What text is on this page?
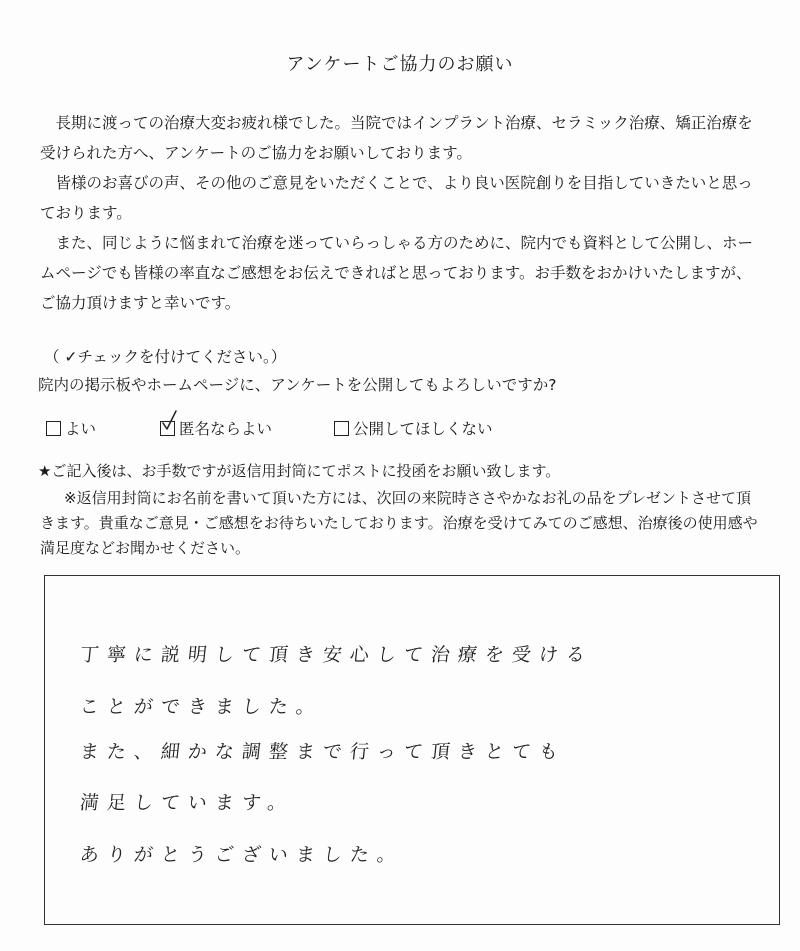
アンケートご協力のお願い

長期に渡っての治療大変お疲れ様でした。当院ではインプラント治療、セラミック治療、矯正治療を受けられた方へ、アンケートのご協力をお願いしております。

皆様のお喜びの声、その他のご意見をいただくことで、より良い医院創りを目指していきたいと思っております。

また、同じように悩まれて治療を迷っていらっしゃる方のために、院内でも資料として公開し、ホームページでも皆様の率直なご感想をお伝えできればと思っております。お手数をおかけいたしますが、ご協力頂けますと幸いです。

（ ✓チェックを付けてください。）
院内の掲示板やホームページに、アンケートを公開してもよろしいですか?
よい	匿名ならよい	公開してほしくない
★ご記入後は、お手数ですが返信用封筒にてポストに投函をお願い致します。

※返信用封筒にお名前を書いて頂いた方には、次回の来院時ささやかなお礼の品をプレゼントさせて頂きます。貴重なご意見・ご感想をお待ちいたしております。治療を受けてみてのご感想、治療後の使用感や満足度などお聞かせください。

丁寧に説明して頂き安心して治療を受ける
ことができました。
また、細かな調整まで行って頂きとても
満足しています。
ありがとうございました。
